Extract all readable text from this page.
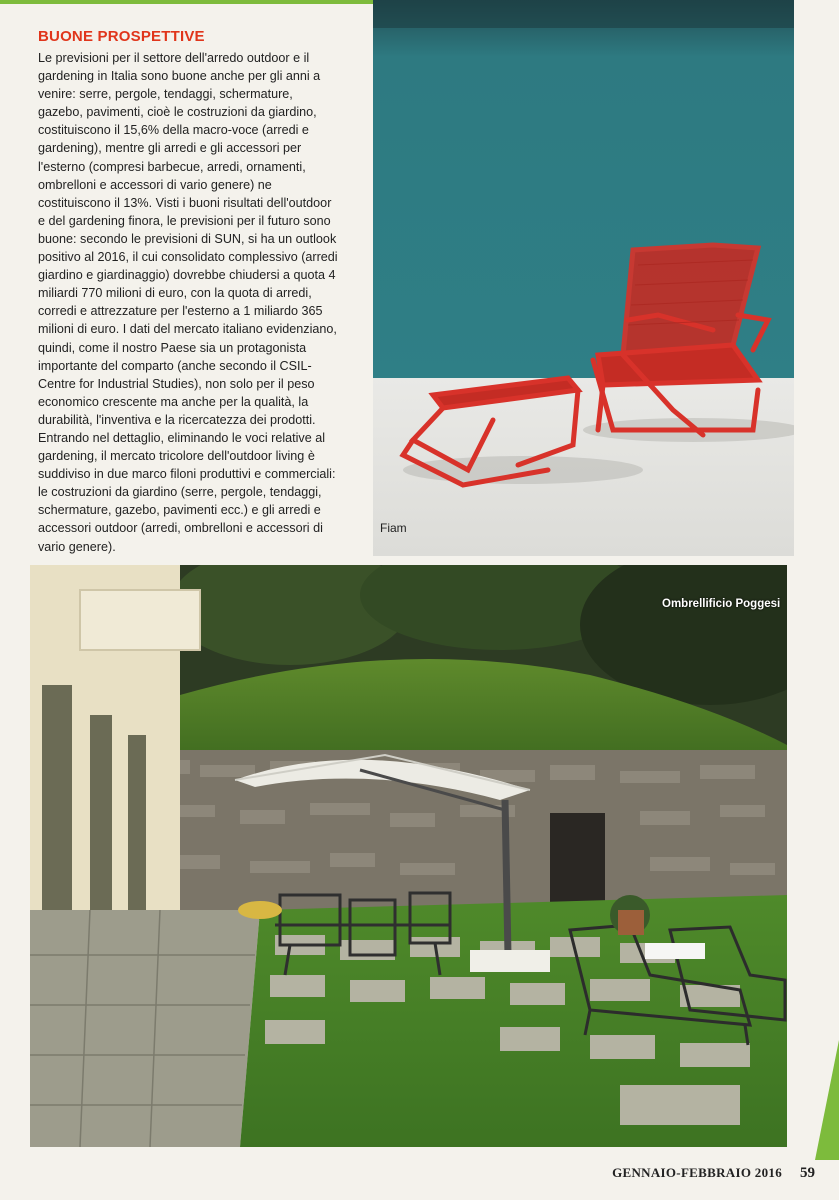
BUONE PROSPETTIVE

Le previsioni per il settore dell'arredo outdoor e il gardening in Italia sono buone anche per gli anni a venire: serre, pergole, tendaggi, schermature, gazebo, pavimenti, cioè le costruzioni da giardino, costituiscono il 15,6% della macro-voce (arredi e gardening), mentre gli arredi e gli accessori per l'esterno (compresi barbecue, arredi, ornamenti, ombrelloni e accessori di vario genere) ne costituiscono il 13%. Visti i buoni risultati dell'outdoor e del gardening finora, le previsioni per il futuro sono buone: secondo le previsioni di SUN, si ha un outlook positivo al 2016, il cui consolidato complessivo (arredi giardino e giardinaggio) dovrebbe chiudersi a quota 4 miliardi 770 milioni di euro, con la quota di arredi, corredi e attrezzature per l'esterno a 1 miliardo 365 milioni di euro. I dati del mercato italiano evidenziano, quindi, come il nostro Paese sia un protagonista importante del comparto (anche secondo il CSIL-Centre for Industrial Studies), non solo per il peso economico crescente ma anche per la qualità, la durabilità, l'inventiva e la ricercatezza dei prodotti. Entrando nel dettaglio, eliminando le voci relative al gardening, il mercato tricolore dell'outdoor living è suddiviso in due marco filoni produttivi e commerciali: le costruzioni da giardino (serre, pergole, tendaggi, schermature, gazebo, pavimenti ecc.) e gli arredi e accessori outdoor (arredi, ombrelloni e accessori di vario genere).

Fiam
Ombrellificio Poggesi
GENNAIO-FEBBRAIO 2016 59
